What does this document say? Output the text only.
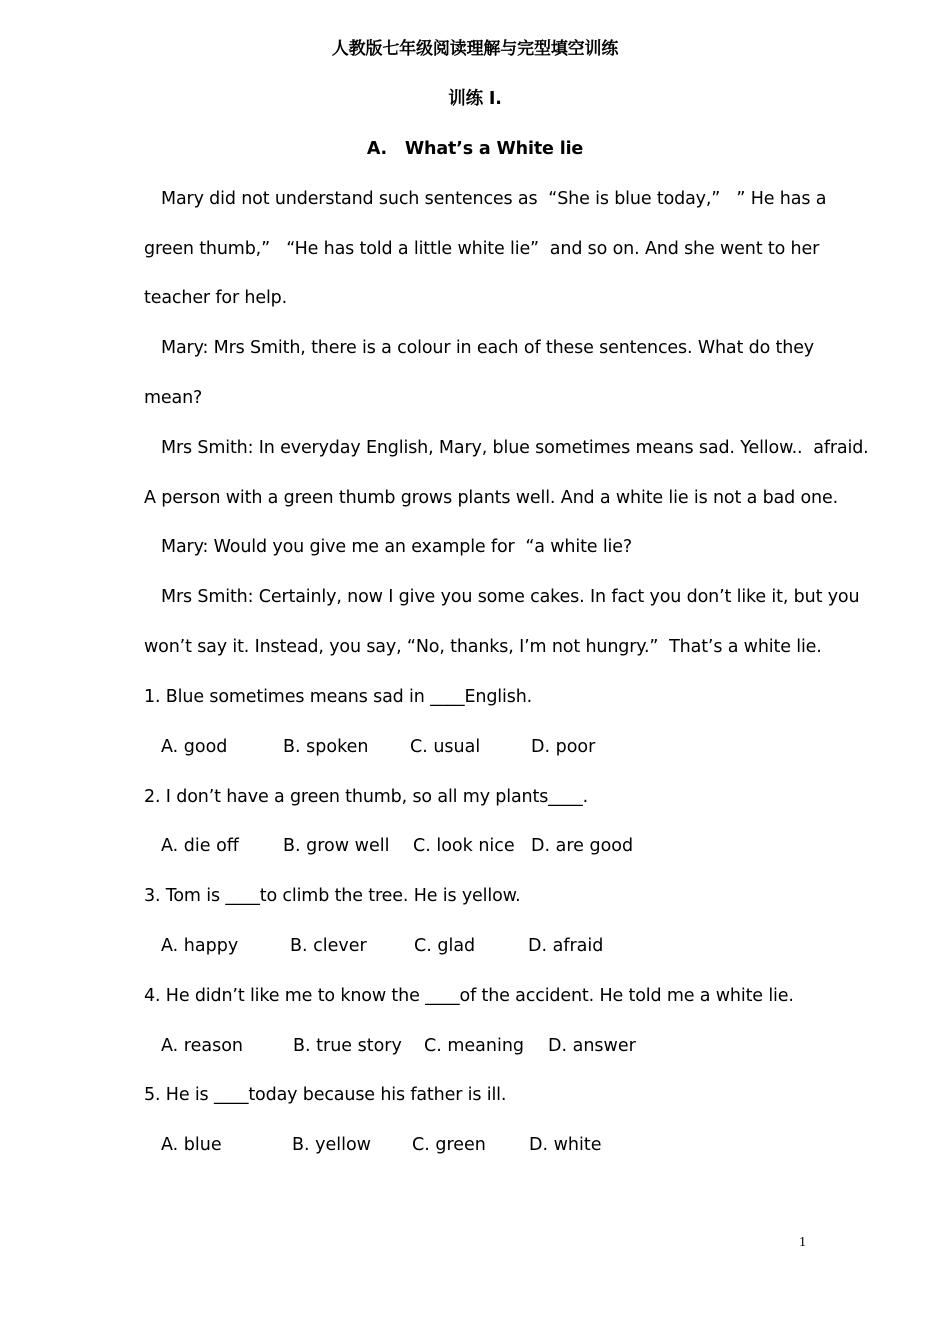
人教版七年级阅读理解与完型填空训练
训练 I.
A.   What’s a White lie
Mary did not understand such sentences as  “She is blue today,”   ” He has a
green thumb,”   “He has told a little white lie”  and so on. And she went to her
teacher for help.
Mary: Mrs Smith, there is a colour in each of these sentences. What do they
mean?
Mrs Smith: In everyday English, Mary, blue sometimes means sad. Yellow..  afraid.
A person with a green thumb grows plants well. And a white lie is not a bad one.
Mary: Would you give me an example for  “a white lie?
Mrs Smith: Certainly, now I give you some cakes. In fact you don’t like it, but you
won’t say it. Instead, you say, “No, thanks, I’m not hungry.”  That’s a white lie.
1. Blue sometimes means sad in ____English.

A. good

	B. spoken

C. usual

	D. poor

2. I don’t have a green thumb, so all my plants____.

A. die off

	B. grow well

C. look nice

D. are good

3. Tom is ____to climb the tree. He is yellow.

A. happy

	B. clever

	C. glad

	D. afraid

4. He didn’t like me to know the ____of the accident. He told me a white lie.

A. reason

	B. true story

C. meaning

D. answer

5. He is ____today because his father is ill.

A. blue

	B. yellow

C. green

D. white

1
